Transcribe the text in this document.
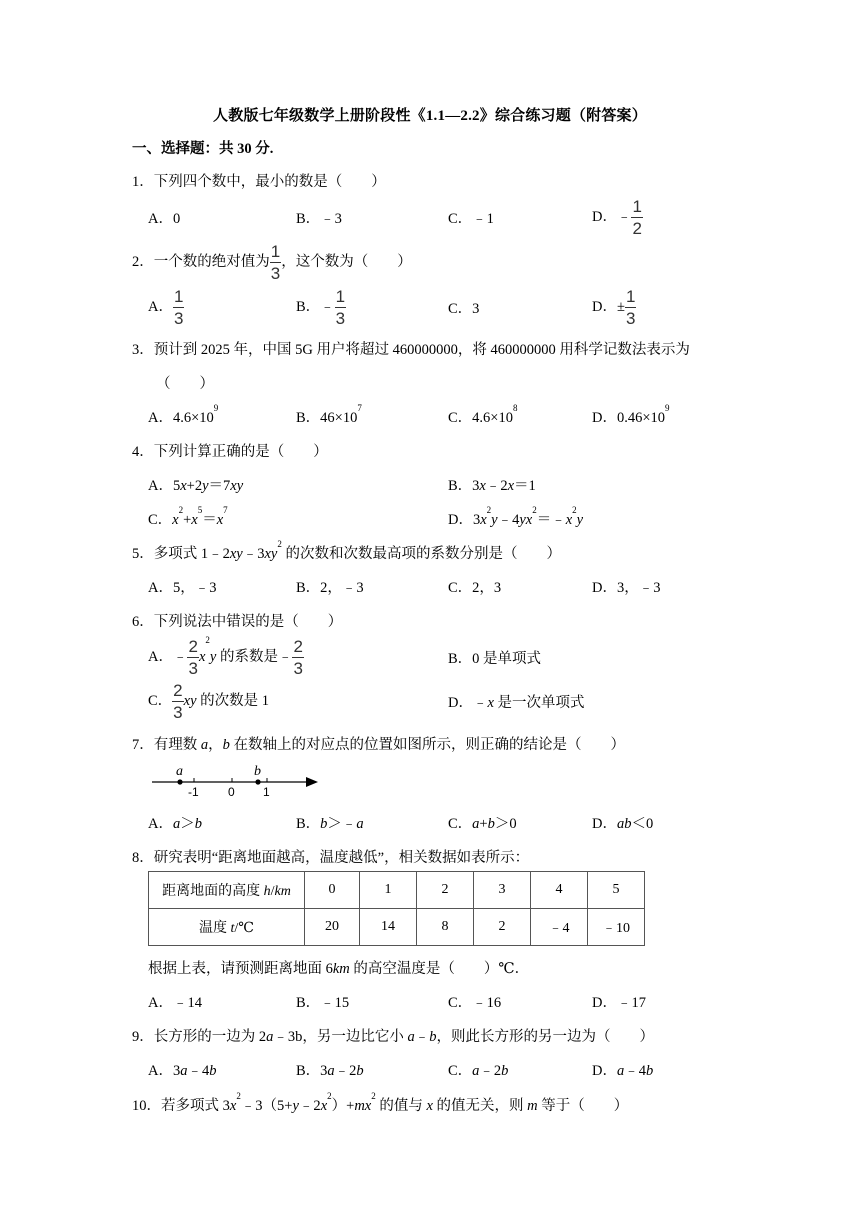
人教版七年级数学上册阶段性《1.1—2.2》综合练习题（附答案）
一、选择题：共 30 分.
1．下列四个数中，最小的数是（　　）
A．0	B．﹣3	C．﹣1	D．﹣ $\frac{1}{2}$
2．一个数的绝对值为 $\frac{1}{3}$ ，这个数为（　　）
A． $\frac{1}{3}$	B．﹣ $\frac{1}{3}$	C．3	D．± $\frac{1}{3}$
3．预计到 2025 年，中国 5G 用户将超过 460000000，将 460000000 用科学记数法表示为
（　　）
A．$4.6\times 10^9$
B．$46\times 10^7$
C．$4.6\times 10^8$
D．$0.46\times 10^9$
4．下列计算正确的是（　　）
A．5x+2y＝7xy	B．3x﹣2x＝1
C．$x^2+x^5=x^7$
D．$3x^2y﹣4yx^2=﹣x^2y$
5．多项式 $1﹣2xy﹣3xy^2$ 的次数和次数最高项的系数分别是（　　）
A．5，﹣3	B．2，﹣3	C．2，3	D．3，﹣3
6．下列说法中错误的是（　　）
A．﹣ $\frac{2}{3} x^2y$ 的系数是﹣ $\frac{2}{3}$	B．0 是单项式
C． $\frac{2}{3}$ xy 的次数是 1	D．﹣x 是一次单项式
7．有理数 a，b 在数轴上的对应点的位置如图所示，则正确的结论是（　　）
a	b
-1 0 1
A．a＞b	B．b＞﹣a	C．a+b＞0	D．ab＜0
8．研究表明“距离地面越高，温度越低”，相关数据如表所示：
距离地面的高度 h/km	0	1	2	3	4	5
温度 t/℃	20	14	8	2	﹣4	﹣10
根据上表，请预测距离地面 6km 的高空温度是（　　）℃．
A．﹣14	B．﹣15	C．﹣16	D．﹣17
9．长方形的一边为 2a﹣3b，另一边比它小 a﹣b，则此长方形的另一边为（　　）
A．3a﹣4b	B．3a﹣2b	C．a﹣2b	D．a﹣4b
10．若多项式 $3x^2﹣3(5+y﹣2x^2)+mx^2$ 的值与 x 的值无关，则 m 等于（　　）
